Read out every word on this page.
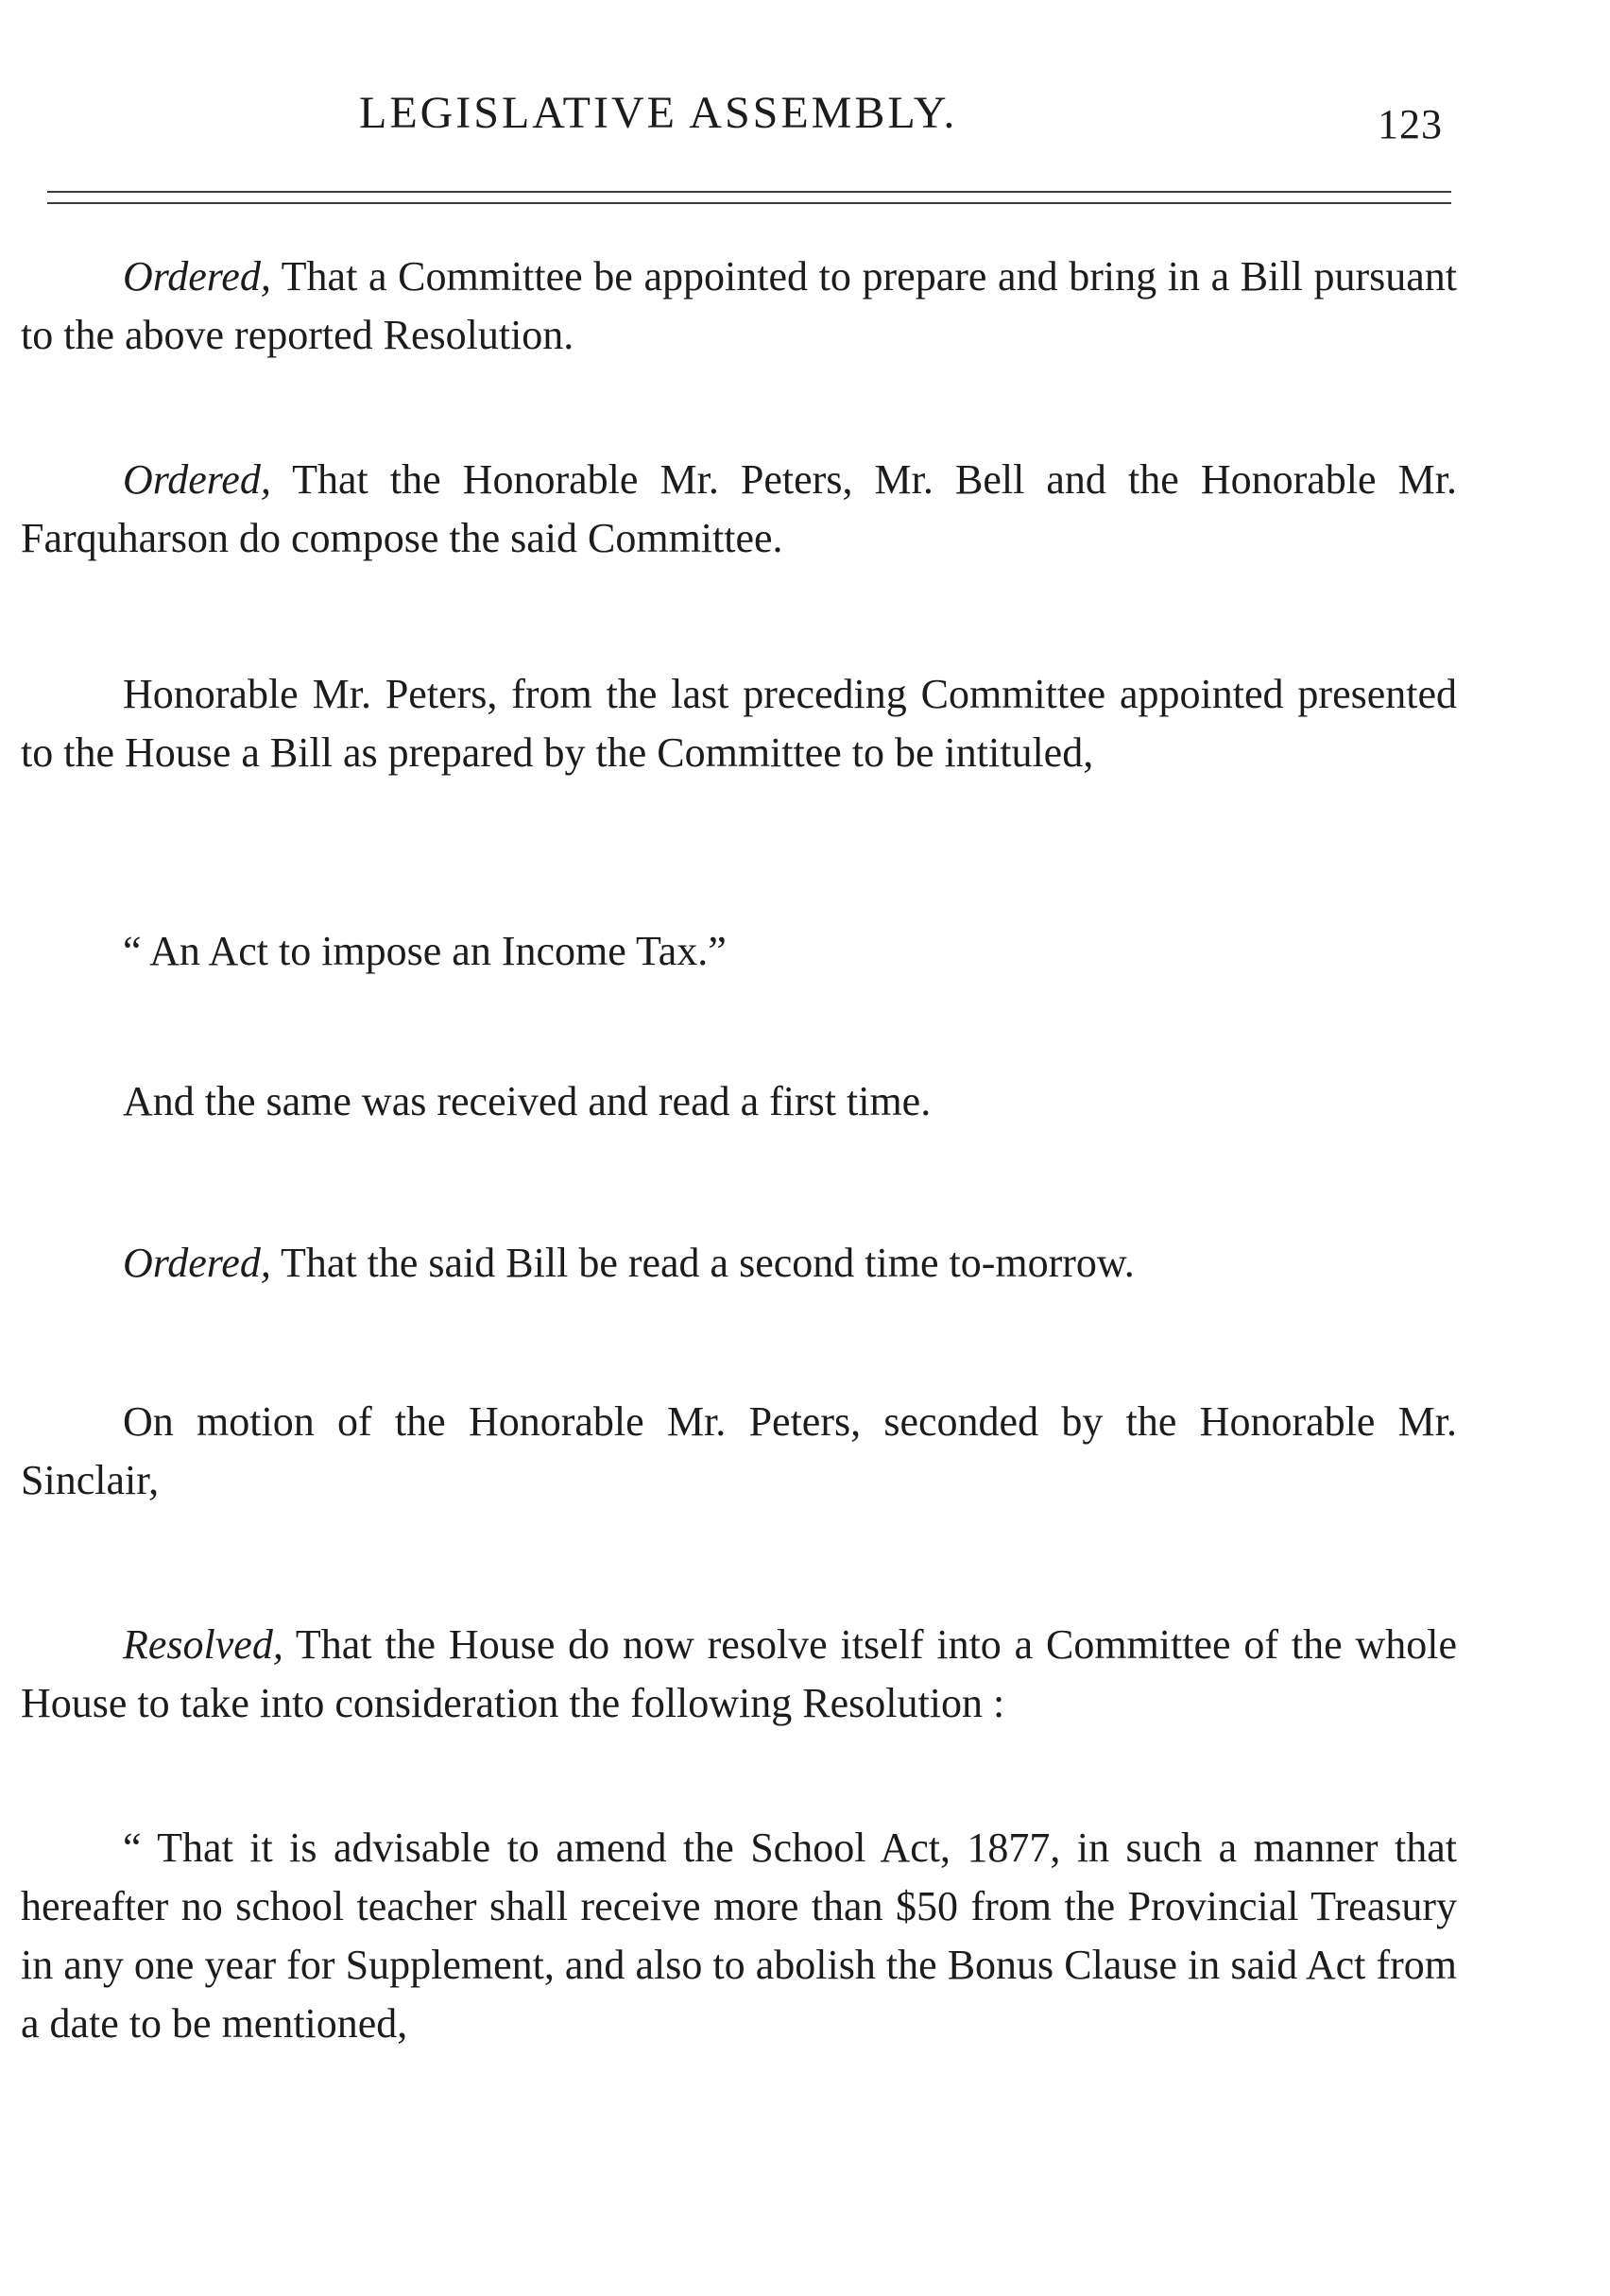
LEGISLATIVE ASSEMBLY.	123

Ordered, That a Committee be appointed to prepare and bring in a Bill pursuant to the above reported Resolution.

Ordered, That the Honorable Mr. Peters, Mr. Bell and the Honorable Mr. Farquharson do compose the said Committee.

Honorable Mr. Peters, from the last preceding Committee appointed presented to the House a Bill as prepared by the Committee to be intituled,

“ An Act to impose an Income Tax.”

And the same was received and read a first time.

Ordered, That the said Bill be read a second time to-morrow.

On motion of the Honorable Mr. Peters, seconded by the Honorable Mr. Sinclair,

Resolved, That the House do now resolve itself into a Committee of the whole House to take into consideration the following Resolution :

“ That it is advisable to amend the School Act, 1877, in such a manner that hereafter no school teacher shall receive more than $50 from the Provincial Treasury in any one year for Supplement, and also to abolish the Bonus Clause in said Act from a date to be mentioned,
